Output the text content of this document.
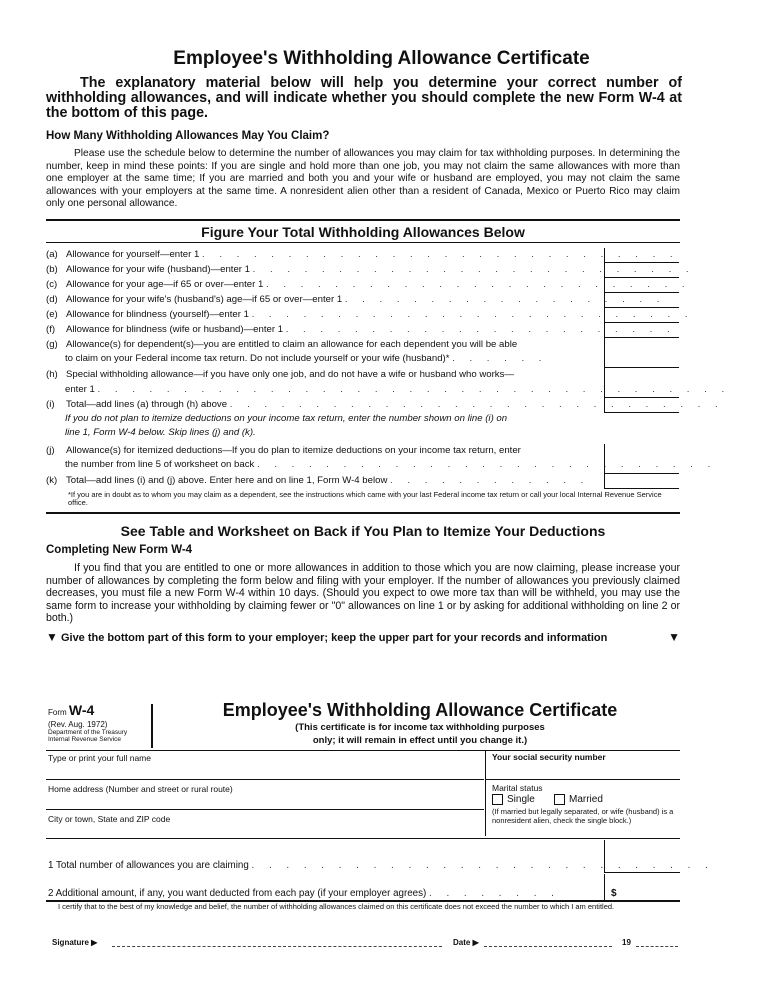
Employee's Withholding Allowance Certificate
The explanatory material below will help you determine your correct number of withholding allowances, and will indicate whether you should complete the new Form W-4 at the bottom of this page.
How Many Withholding Allowances May You Claim?
Please use the schedule below to determine the number of allowances you may claim for tax withholding purposes. In determining the number, keep in mind these points: If you are single and hold more than one job, you may not claim the same allowances with more than one employer at the same time; If you are married and both you and your wife or husband are employed, you may not claim the same allowances with your employers at the same time. A nonresident alien other than a resident of Canada, Mexico or Puerto Rico may claim only one personal allowance.
Figure Your Total Withholding Allowances Below
(a) Allowance for yourself—enter 1 . . . . . . . . . . . . . . . . . . . . . . . . . . . .
(b) Allowance for your wife (husband)—enter 1 . . . . . . . . . . . . . . . . . . . . . . . . . .
(c) Allowance for your age—if 65 or over—enter 1 . . . . . . . . . . . . . . . . . . . . . . . . .
(d) Allowance for your wife's (husband's) age—if 65 or over—enter 1 . . . . . . . . . . . . . . . . . . .
(e) Allowance for blindness (yourself)—enter 1 . . . . . . . . . . . . . . . . . . . . . . . . . .
(f) Allowance for blindness (wife or husband)—enter 1 . . . . . . . . . . . . . . . . . . . . . . .
(g) Allowance(s) for dependent(s)—you are entitled to claim an allowance for each dependent you will be able
to claim on your Federal income tax return. Do not include yourself or your wife (husband)* . . . . . .
(h) Special withholding allowance—if you have only one job, and do not have a wife or husband who works—
enter 1 . . . . . . . . . . . . . . . . . . . . . . . . . . . . . . . . . . . . .
(i) Total—add lines (a) through (h) above . . . . . . . . . . . . . . . . . . . . . . . . . . . . .
If you do not plan to itemize deductions on your income tax return, enter the number shown on line (i) on
line 1, Form W-4 below. Skip lines (j) and (k).
(j) Allowance(s) for itemized deductions—If you do plan to itemize deductions on your income tax return, enter
the number from line 5 of worksheet on back . . . . . . . . . . . . . . . . . . . . . . . . . . .
(k) Total—add lines (i) and (j) above. Enter here and on line 1, Form W-4 below . . . . . . . . . . . .
*If you are in doubt as to whom you may claim as a dependent, see the instructions which came with your last Federal income tax return or call your local Internal Revenue Service office.
See Table and Worksheet on Back if You Plan to Itemize Your Deductions
Completing New Form W-4
If you find that you are entitled to one or more allowances in addition to those which you are now claiming, please increase your number of allowances by completing the form below and filing with your employer. If the number of allowances you previously claimed decreases, you must file a new Form W-4 within 10 days. (Should you expect to owe more tax than will be withheld, you may use the same form to increase your withholding by claiming fewer or "0" allowances on line 1 or by asking for additional withholding on line 2 or both.)
▼ Give the bottom part of this form to your employer; keep the upper part for your records and information	▼
Form W-4
(Rev. Aug. 1972)
Department of the Treasury
Internal Revenue Service
Employee's Withholding Allowance Certificate
(This certificate is for income tax withholding purposes
only; it will remain in effect until you change it.)
Type or print your full name	Your social security number
Home address (Number and street or rural route)	Marital status
Single	Married
City or town, State and ZIP code
(If married but legally separated, or wife (husband) is a nonresident alien, check the single block.)
1 Total number of allowances you are claiming . . . . . . . . . . . . . . . . . . . . . . . . . . .
2 Additional amount, if any, you want deducted from each pay (if your employer agrees) . . . . . . . .	$
I certify that to the best of my knowledge and belief, the number of withholding allowances claimed on this certificate does not exceed the number to which I am entitled.
Signature ▶	Date ▶	19
